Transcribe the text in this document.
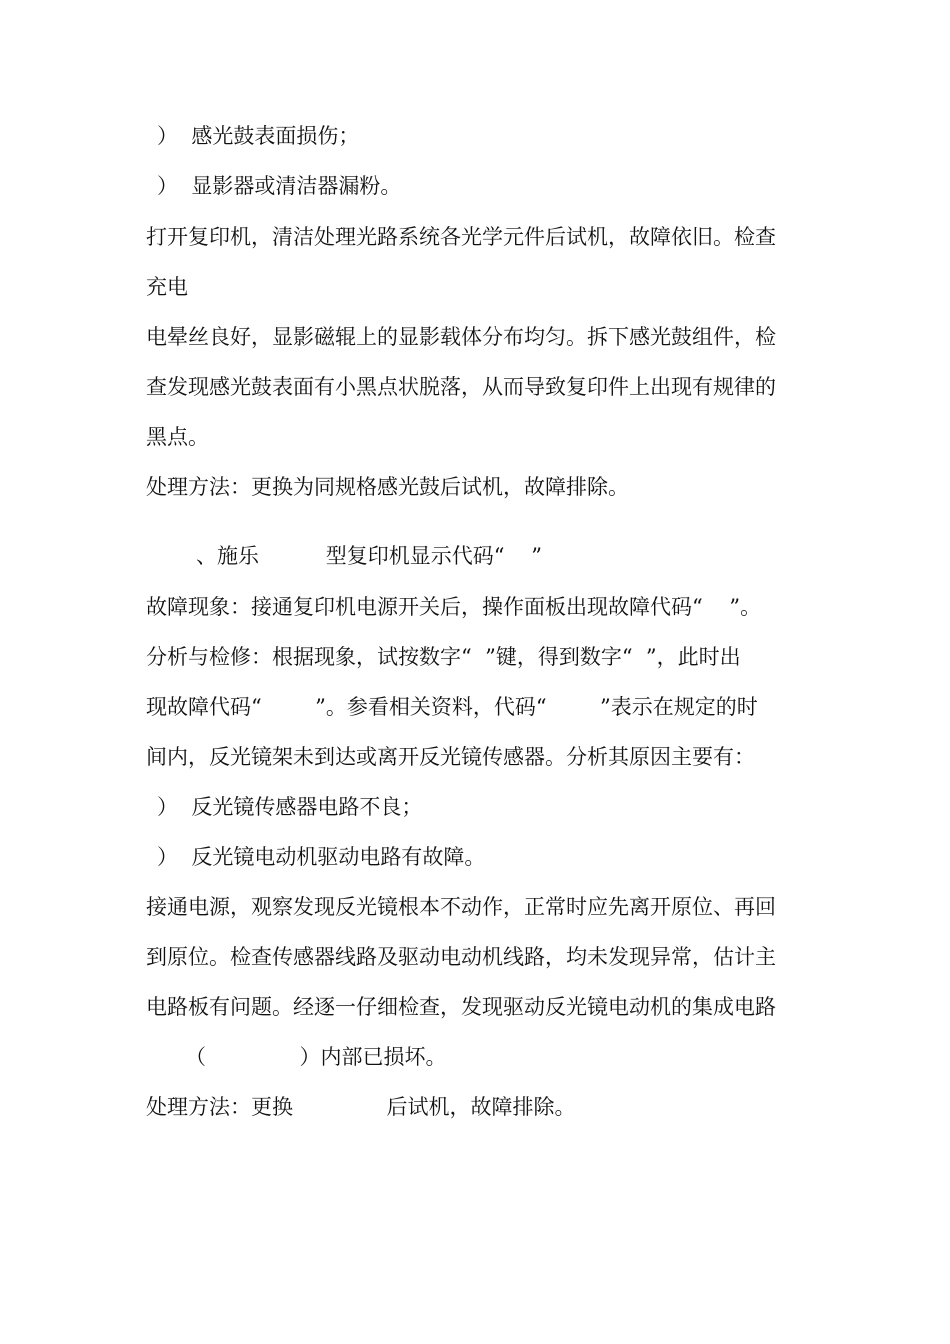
）  感光鼓表面损伤；

）  显影器或清洁器漏粉。

打开复印机，清洁处理光路系统各光学元件后试机，故障依旧。检查

充电

电晕丝良好，显影磁辊上的显影载体分布均匀。拆下感光鼓组件，检

查发现感光鼓表面有小黑点状脱落，从而导致复印件上出现有规律的

黑点。

处理方法：更换为同规格感光鼓后试机，故障排除。

、施乐          型复印机显示代码“    ”

故障现象：接通复印机电源开关后，操作面板出现故障代码“    ”。

分析与检修：根据现象，试按数字“  ”键，得到数字“  ”，此时出

现故障代码“        ”。参看相关资料，代码“        ”表示在规定的时

间内，反光镜架未到达或离开反光镜传感器。分析其原因主要有：

）  反光镜传感器电路不良；

）  反光镜电动机驱动电路有故障。

接通电源，观察发现反光镜根本不动作，正常时应先离开原位、再回

到原位。检查传感器线路及驱动电动机线路，均未发现异常，估计主

电路板有问题。经逐一仔细检查，发现驱动反光镜电动机的集成电路

（              ）内部已损坏。

处理方法：更换              后试机，故障排除。
